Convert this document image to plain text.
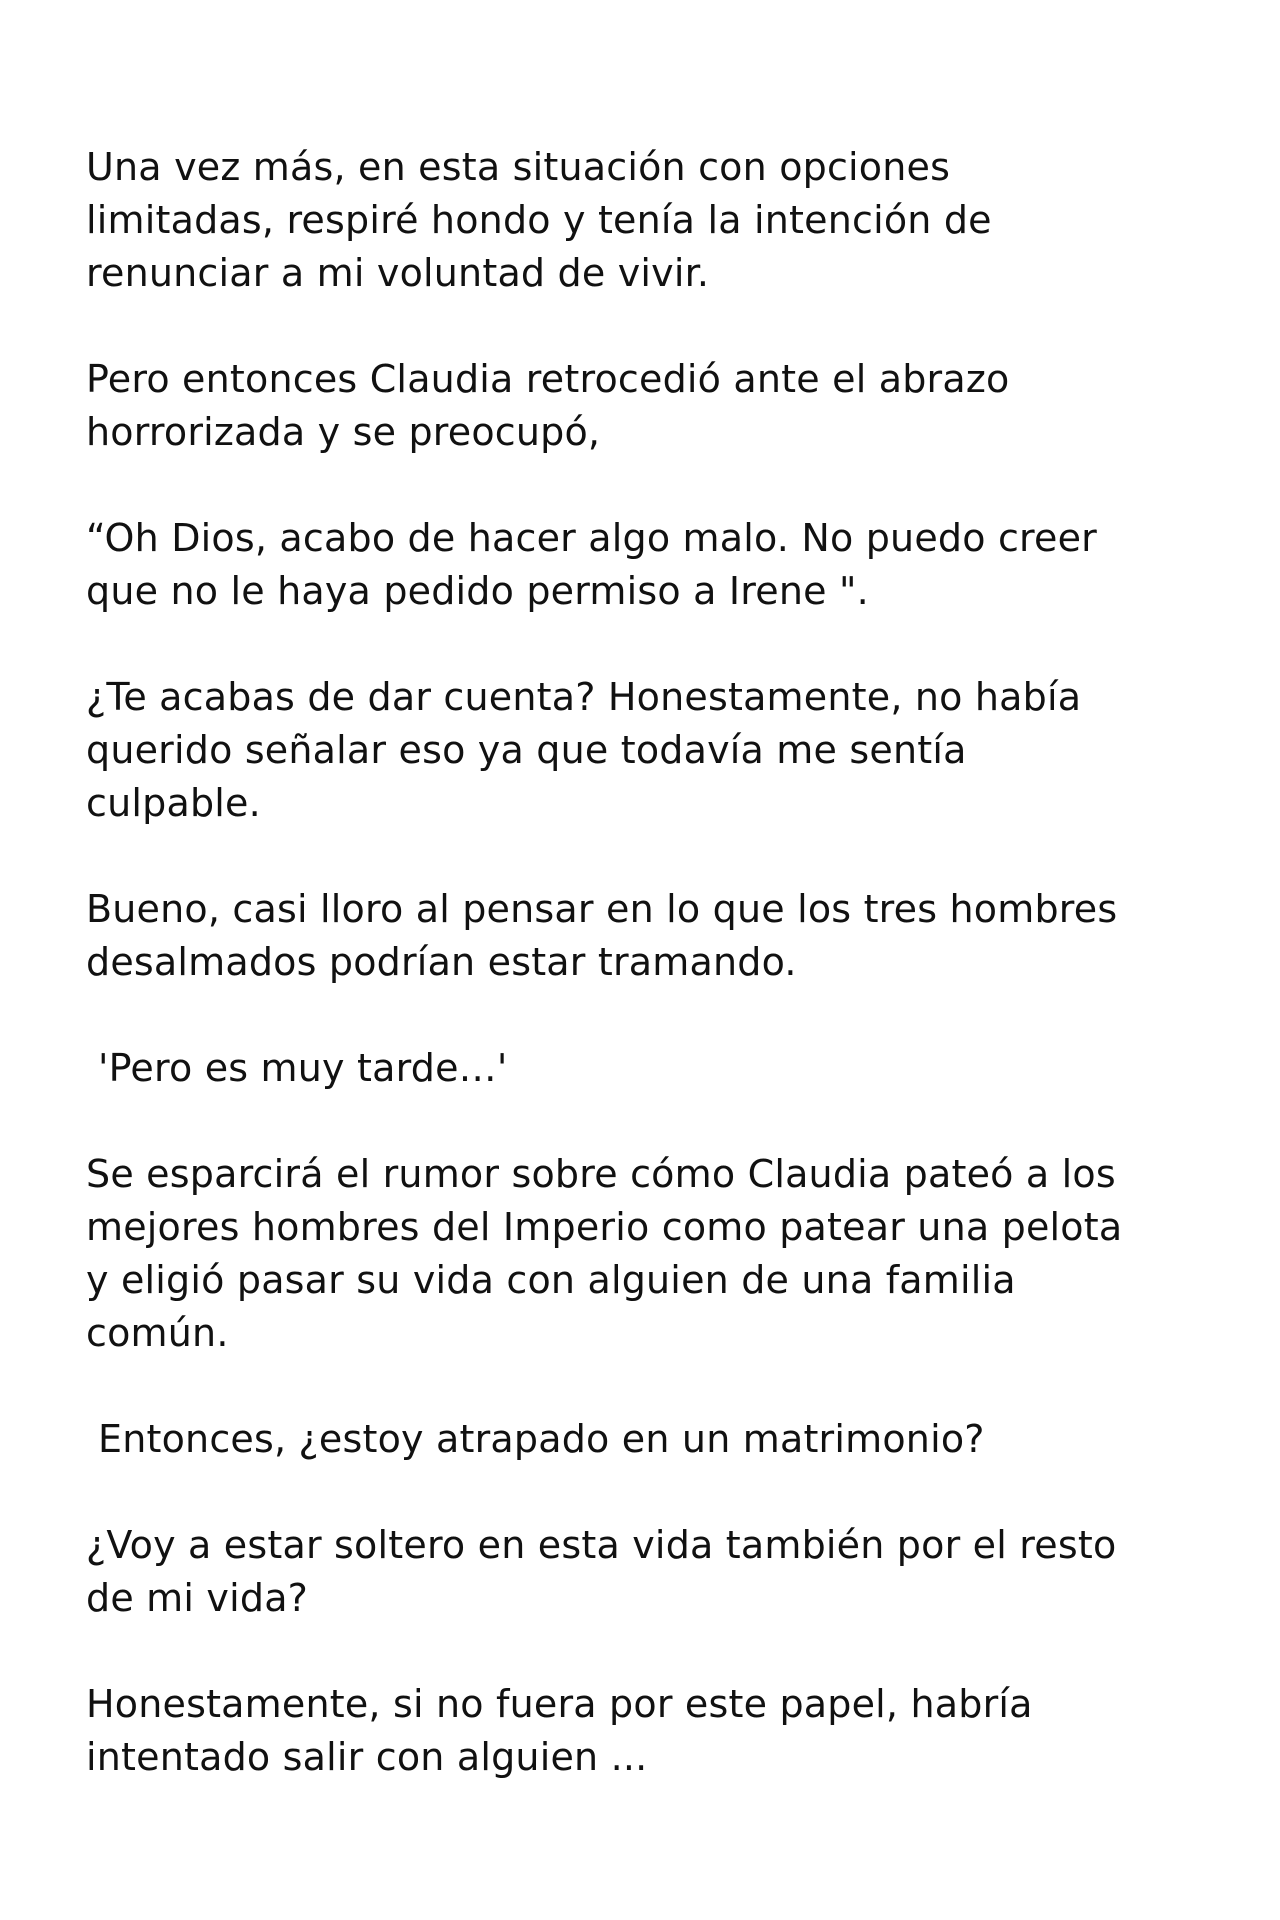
Una vez más, en esta situación con opciones
limitadas, respiré hondo y tenía la intención de
renunciar a mi voluntad de vivir.

Pero entonces Claudia retrocedió ante el abrazo
horrorizada y se preocupó,

“Oh Dios, acabo de hacer algo malo. No puedo creer
que no le haya pedido permiso a Irene ".

¿Te acabas de dar cuenta? Honestamente, no había
querido señalar eso ya que todavía me sentía
culpable.

Bueno, casi lloro al pensar en lo que los tres hombres
desalmados podrían estar tramando.

'Pero es muy tarde…'

Se esparcirá el rumor sobre cómo Claudia pateó a los
mejores hombres del Imperio como patear una pelota
y eligió pasar su vida con alguien de una familia
común.

Entonces, ¿estoy atrapado en un matrimonio?

¿Voy a estar soltero en esta vida también por el resto
de mi vida?

Honestamente, si no fuera por este papel, habría
intentado salir con alguien ...
